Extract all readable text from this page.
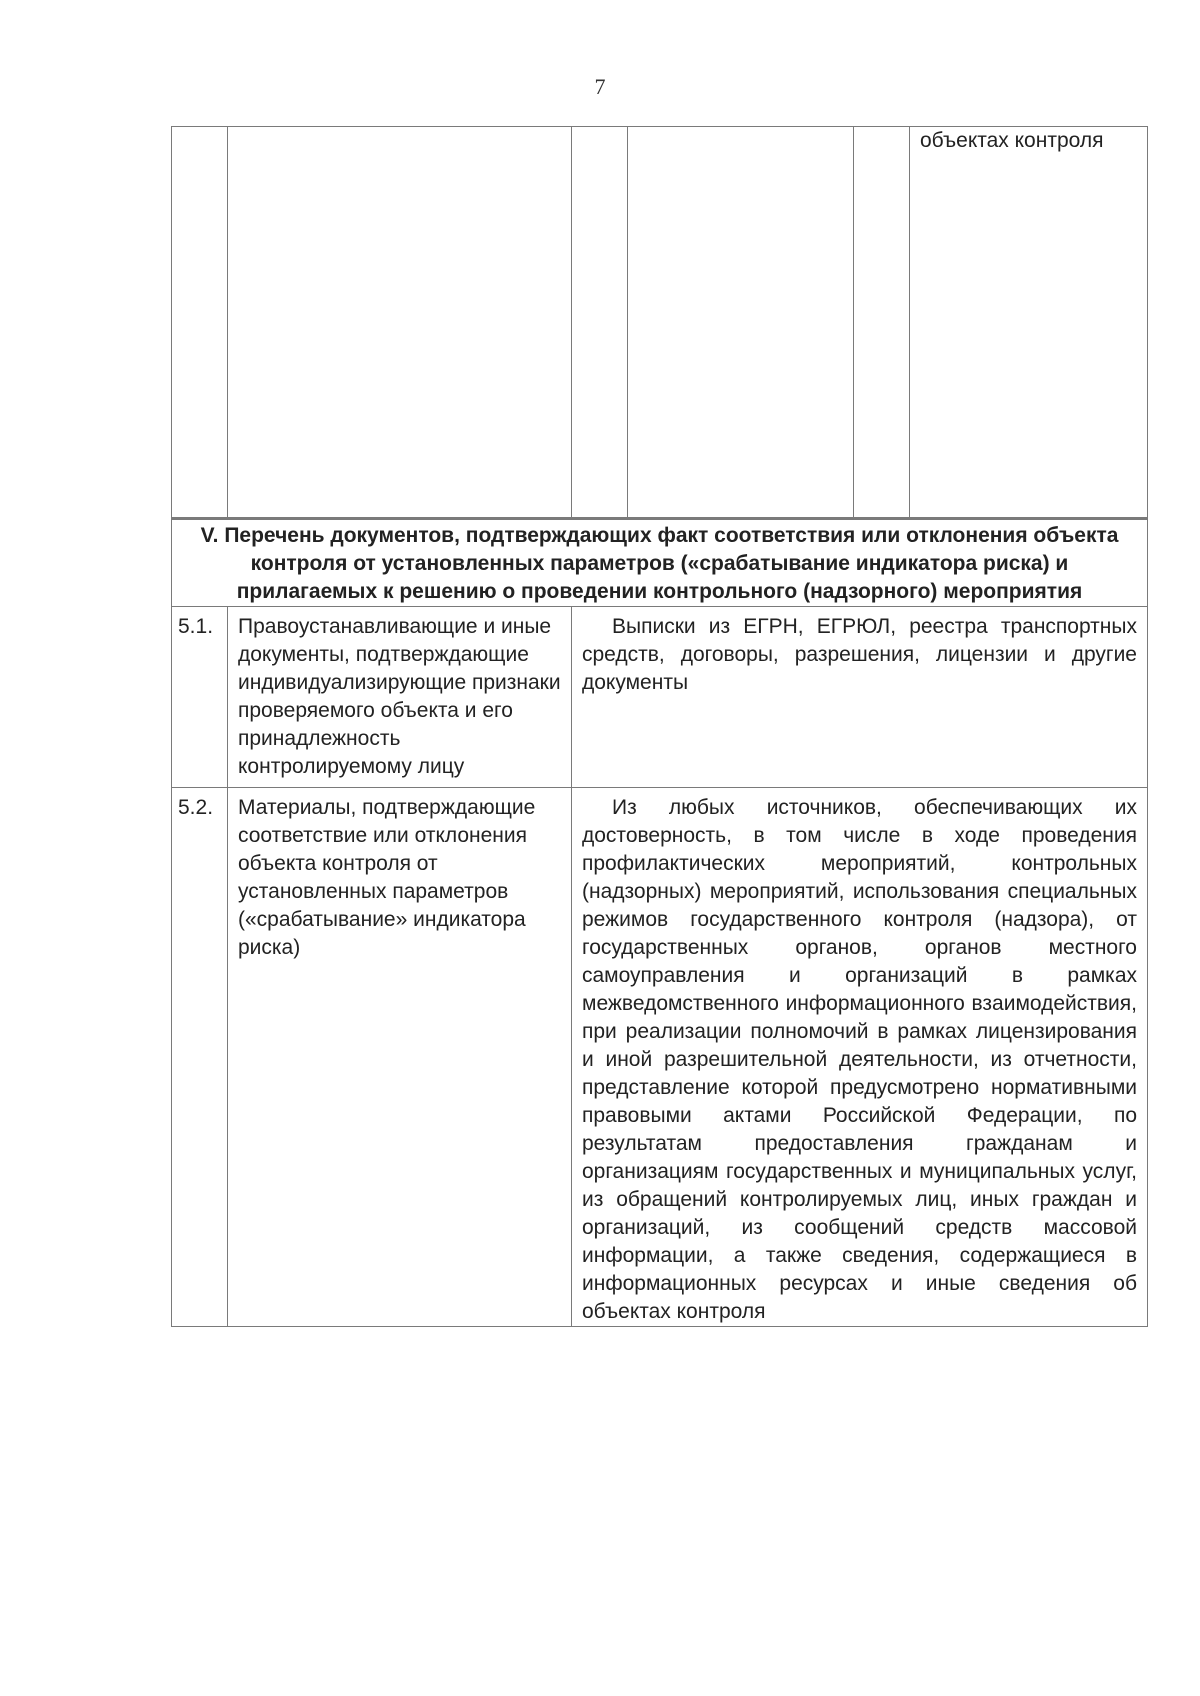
7

					объектах контроля

V. Перечень документов, подтверждающих факт соответствия или отклонения объекта контроля от установленных параметров («срабатывание индикатора риска) и прилагаемых к решению о проведении контрольного (надзорного) мероприятия					
5.1.	Правоустанавливающие и иные документы, подтверждающие индивидуализирующие признаки проверяемого объекта и его принадлежность контролируемому лицу	Выписки из ЕГРН, ЕГРЮЛ, реестра транспортных средств, договоры, разрешения, лицензии и другие документы			
5.2.	Материалы, подтверждающие соответствие или отклонения объекта контроля от установленных параметров («срабатывание» индикатора риска)	Из любых источников, обеспечивающих их достоверность, в том числе в ходе проведения профилактических мероприятий, контрольных (надзорных) мероприятий, использования специальных режимов государственного контроля (надзора), от государственных органов, органов местного самоуправления и организаций в рамках межведомственного информационного взаимодействия, при реализации полномочий в рамках лицензирования и иной разрешительной деятельности, из отчетности, представление которой предусмотрено нормативными правовыми актами Российской Федерации, по результатам предоставления гражданам и организациям государственных и муниципальных услуг, из обращений контролируемых лиц, иных граждан и организаций, из сообщений средств массовой информации, а также сведения, содержащиеся в информационных ресурсах и иные сведения об объектах контроля			
